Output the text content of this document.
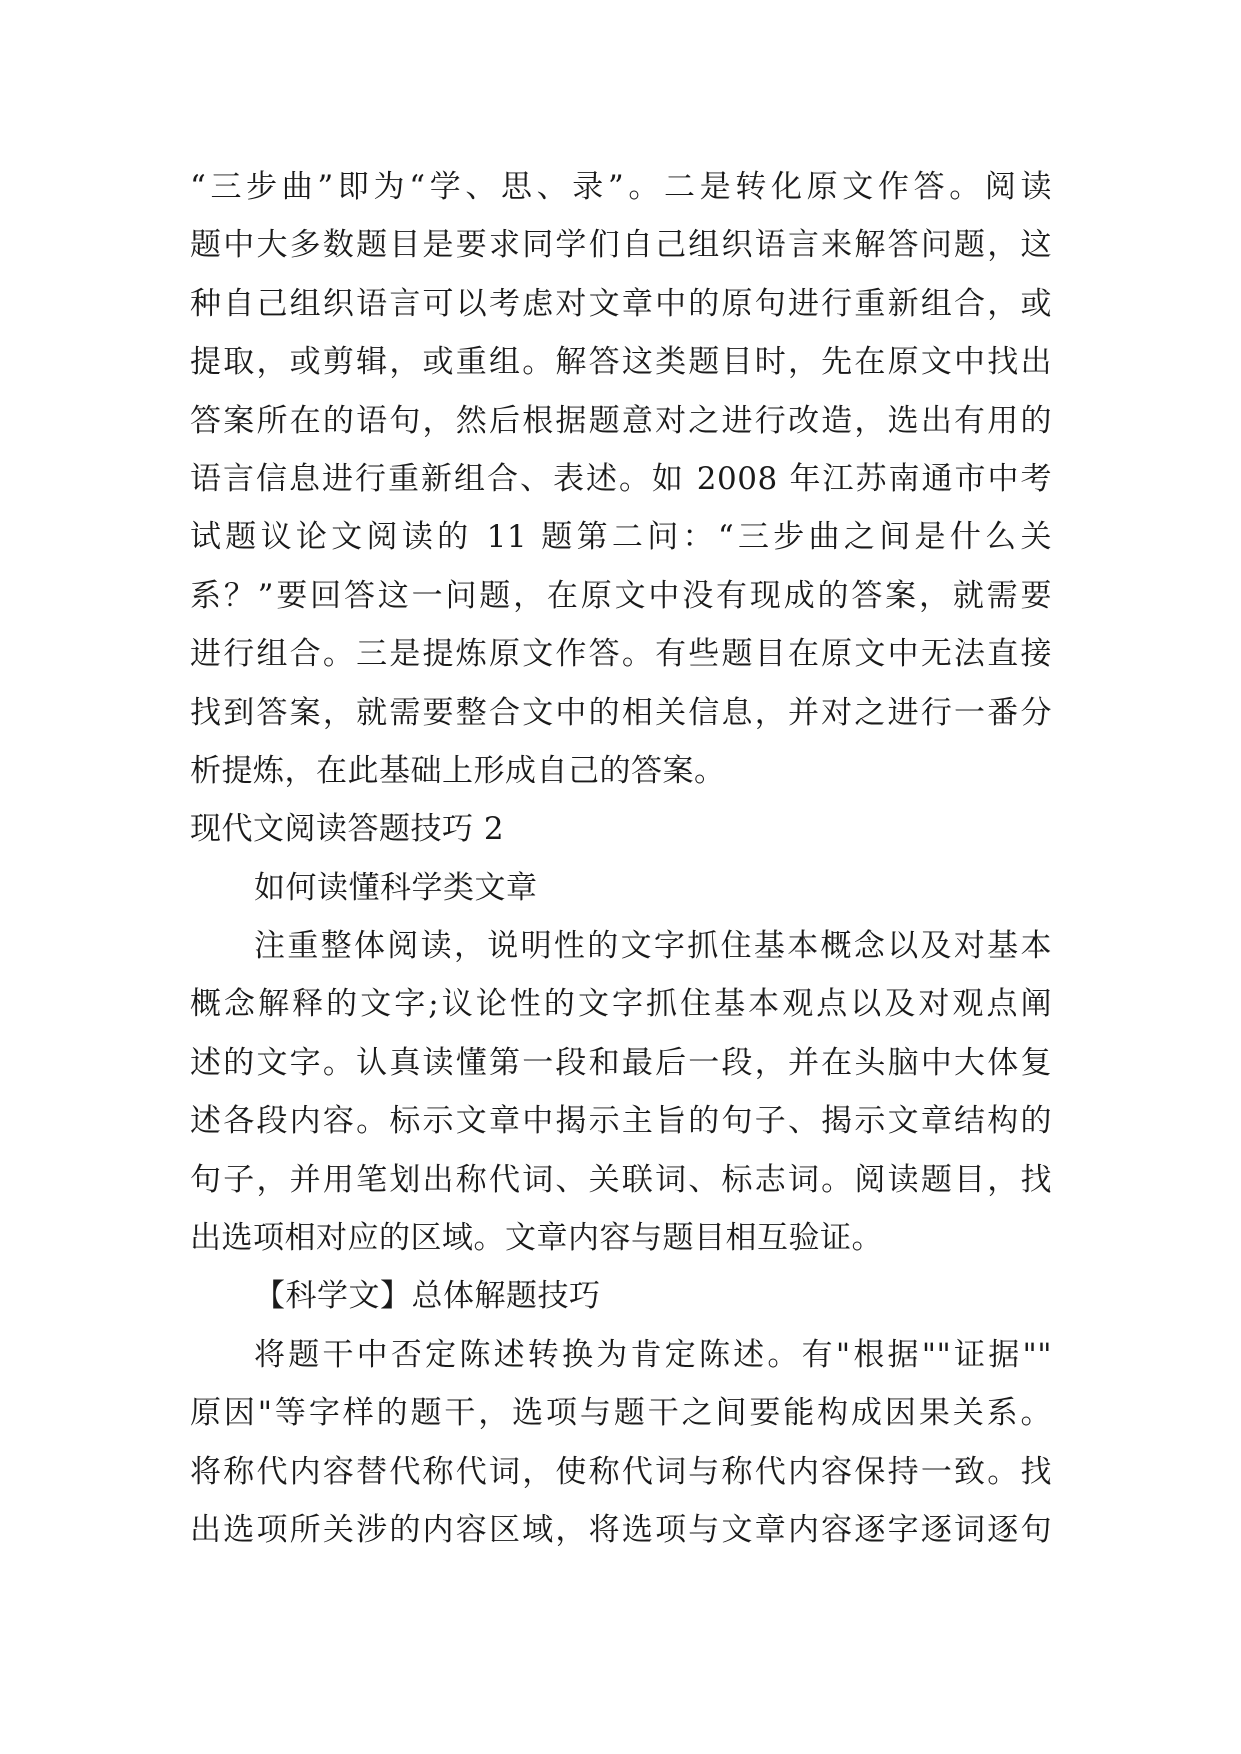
“三步曲”即为“学、思、录”。二是转化原文作答。阅读
题中大多数题目是要求同学们自己组织语言来解答问题，这
种自己组织语言可以考虑对文章中的原句进行重新组合，或
提取，或剪辑，或重组。解答这类题目时，先在原文中找出
答案所在的语句，然后根据题意对之进行改造，选出有用的
语言信息进行重新组合、表述。如 2008 年江苏南通市中考
试题议论文阅读的 11 题第二问：“三步曲之间是什么关
系？”要回答这一问题，在原文中没有现成的答案，就需要
进行组合。三是提炼原文作答。有些题目在原文中无法直接
找到答案，就需要整合文中的相关信息，并对之进行一番分
析提炼，在此基础上形成自己的答案。
现代文阅读答题技巧 2
如何读懂科学类文章
注重整体阅读，说明性的文字抓住基本概念以及对基本
概念解释的文字;议论性的文字抓住基本观点以及对观点阐
述的文字。认真读懂第一段和最后一段，并在头脑中大体复
述各段内容。标示文章中揭示主旨的句子、揭示文章结构的
句子，并用笔划出称代词、关联词、标志词。阅读题目，找
出选项相对应的区域。文章内容与题目相互验证。
【科学文】总体解题技巧
将题干中否定陈述转换为肯定陈述。有"根据""证据""
原因"等字样的题干，选项与题干之间要能构成因果关系。
将称代内容替代称代词，使称代词与称代内容保持一致。找
出选项所关涉的内容区域，将选项与文章内容逐字逐词逐句
